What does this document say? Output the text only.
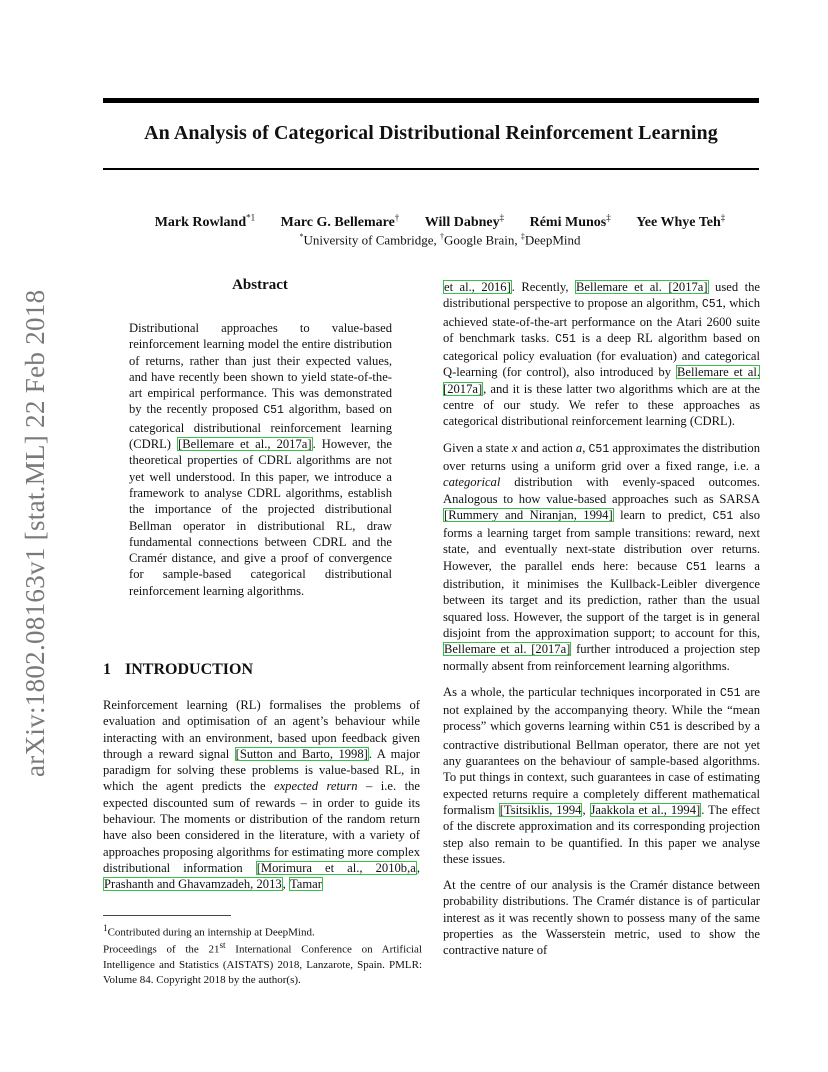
An Analysis of Categorical Distributional Reinforcement Learning
Mark Rowland$^{*1}$ Marc G. Bellemare† Will Dabney‡ Rémi Munos‡ Yee Whye Teh‡
*University of Cambridge, †Google Brain, ‡DeepMind
arXiv:1802.08163v1 [stat.ML] 22 Feb 2018
Abstract
Distributional approaches to value-based reinforcement learning model the entire distribution of returns, rather than just their expected values, and have recently been shown to yield state-of-the-art empirical performance. This was demonstrated by the recently proposed C51 algorithm, based on categorical distributional reinforcement learning (CDRL) [Bellemare et al., 2017a]. However, the theoretical properties of CDRL algorithms are not yet well understood. In this paper, we introduce a framework to analyse CDRL algorithms, establish the importance of the projected distributional Bellman operator in distributional RL, draw fundamental connections between CDRL and the Cramér distance, and give a proof of convergence for sample-based categorical distributional reinforcement learning algorithms.
1 INTRODUCTION
Reinforcement learning (RL) formalises the problems of evaluation and optimisation of an agent’s behaviour while interacting with an environment, based upon feedback given through a reward signal [Sutton and Barto, 1998]. A major paradigm for solving these problems is value-based RL, in which the agent predicts the expected return – i.e. the expected discounted sum of rewards – in order to guide its behaviour. The moments or distribution of the random return have also been considered in the literature, with a variety of approaches proposing algorithms for estimating more complex distributional information [Morimura et al., 2010b,a, Prashanth and Ghavamzadeh, 2013, Tamar
$^1$Contributed during an internship at DeepMind.
Proceedings of the 21st International Conference on Artificial Intelligence and Statistics (AISTATS) 2018, Lanzarote, Spain. PMLR: Volume 84. Copyright 2018 by the author(s).

et al., 2016]. Recently, Bellemare et al. [2017a] used the distributional perspective to propose an algorithm, C51, which achieved state-of-the-art performance on the Atari 2600 suite of benchmark tasks. C51 is a deep RL algorithm based on categorical policy evaluation (for evaluation) and categorical Q-learning (for control), also introduced by Bellemare et al. [2017a], and it is these latter two algorithms which are at the centre of our study. We refer to these approaches as categorical distributional reinforcement learning (CDRL).

Given a state x and action a, C51 approximates the distribution over returns using a uniform grid over a fixed range, i.e. a categorical distribution with evenly-spaced outcomes. Analogous to how value-based approaches such as SARSA [Rummery and Niranjan, 1994] learn to predict, C51 also forms a learning target from sample transitions: reward, next state, and eventually next-state distribution over returns. However, the parallel ends here: because C51 learns a distribution, it minimises the Kullback-Leibler divergence between its target and its prediction, rather than the usual squared loss. However, the support of the target is in general disjoint from the approximation support; to account for this, Bellemare et al. [2017a] further introduced a projection step normally absent from reinforcement learning algorithms.

As a whole, the particular techniques incorporated in C51 are not explained by the accompanying theory. While the “mean process” which governs learning within C51 is described by a contractive distributional Bellman operator, there are not yet any guarantees on the behaviour of sample-based algorithms. To put things in context, such guarantees in case of estimating expected returns require a completely different mathematical formalism [Tsitsiklis, 1994, Jaakkola et al., 1994]. The effect of the discrete approximation and its corresponding projection step also remain to be quantified. In this paper we analyse these issues.

At the centre of our analysis is the Cramér distance between probability distributions. The Cramér distance is of particular interest as it was recently shown to possess many of the same properties as the Wasserstein metric, used to show the contractive nature of
